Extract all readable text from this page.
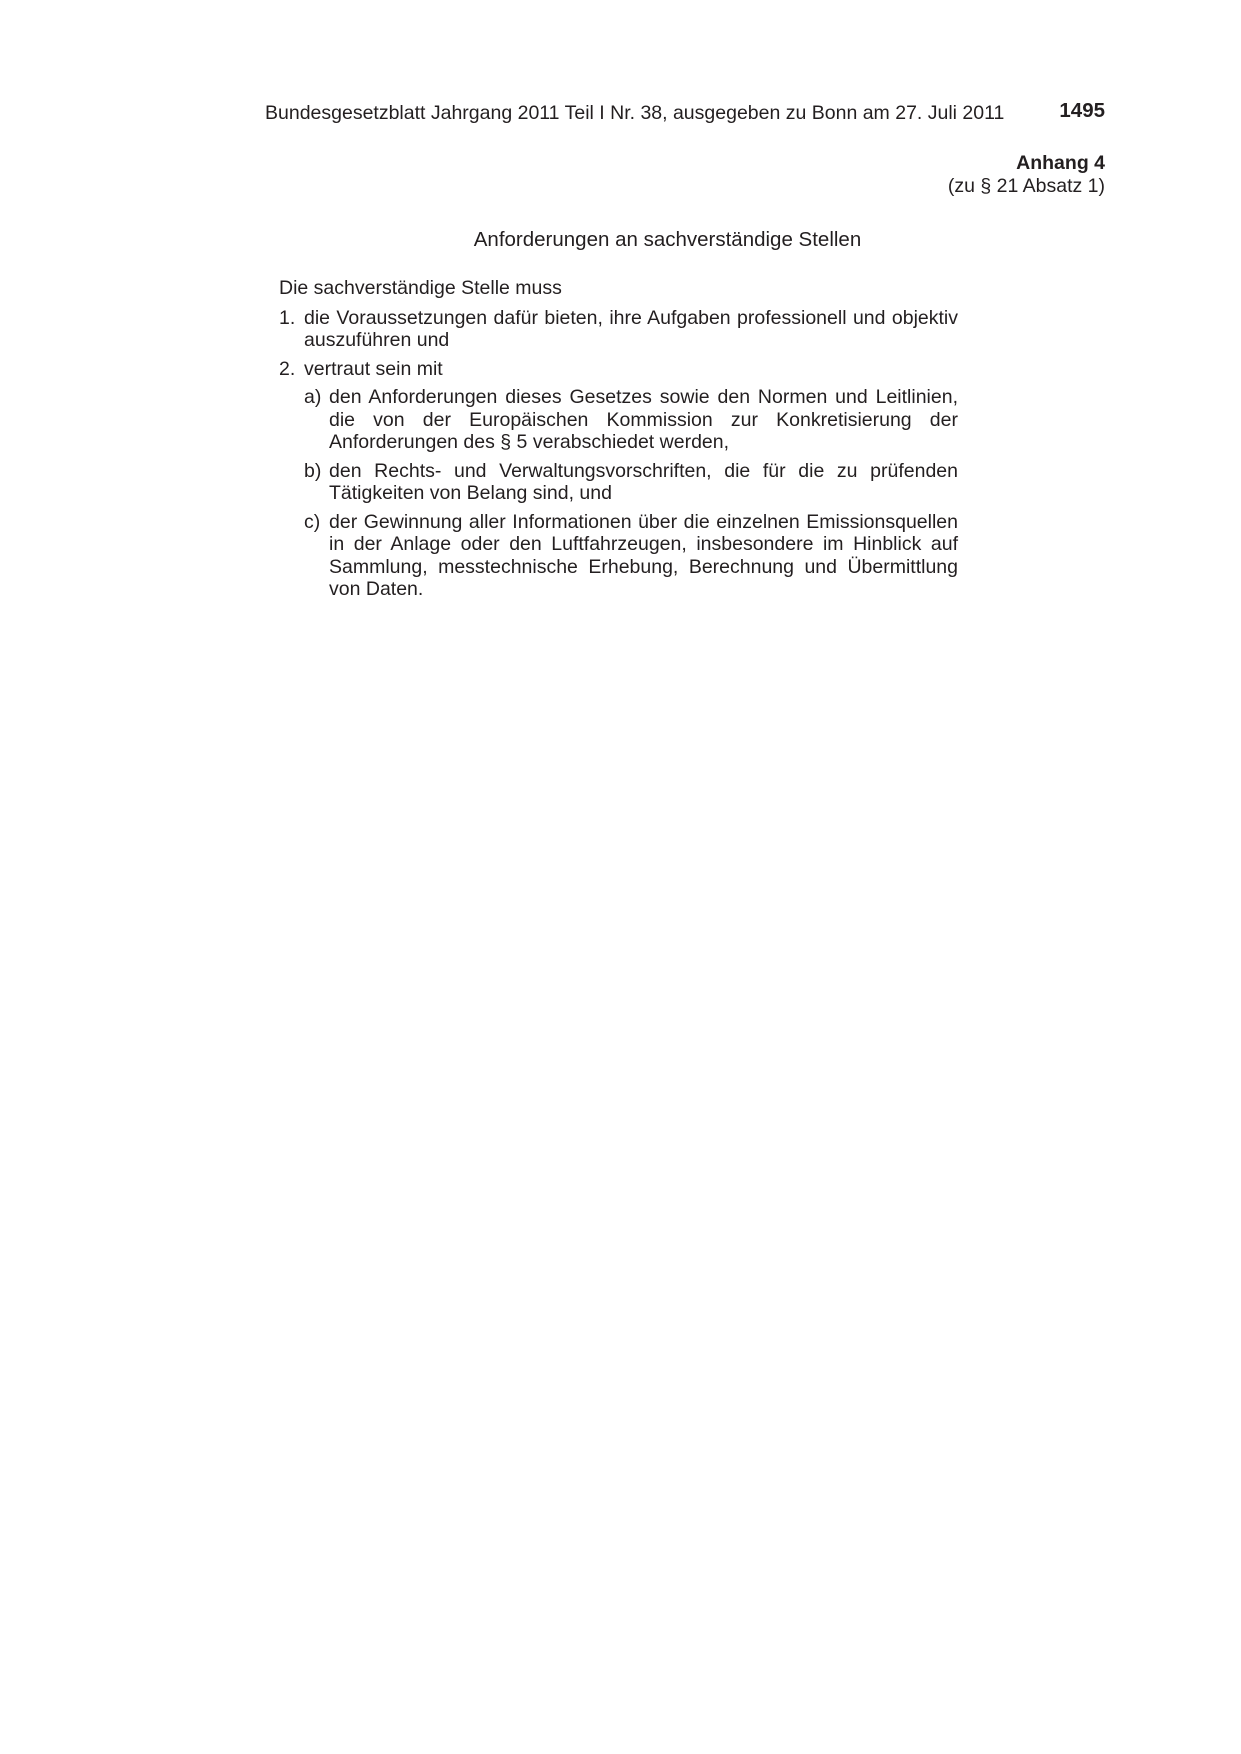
Bundesgesetzblatt Jahrgang 2011 Teil I Nr. 38, ausgegeben zu Bonn am 27. Juli 2011	1495
Anhang 4
(zu § 21 Absatz 1)
Anforderungen an sachverständige Stellen

Die sachverständige Stelle muss

1. die Voraussetzungen dafür bieten, ihre Aufgaben professionell und objektiv auszuführen und
2. vertraut sein mit
a) den Anforderungen dieses Gesetzes sowie den Normen und Leitlinien, die von der Europäischen Kommission zur Konkretisierung der Anforderungen des § 5 verabschiedet werden,
b) den Rechts- und Verwaltungsvorschriften, die für die zu prüfenden Tätigkeiten von Belang sind, und
c) der Gewinnung aller Informationen über die einzelnen Emissionsquellen in der Anlage oder den Luftfahrzeugen, insbesondere im Hinblick auf Sammlung, messtechnische Erhebung, Berechnung und Übermittlung von Daten.
